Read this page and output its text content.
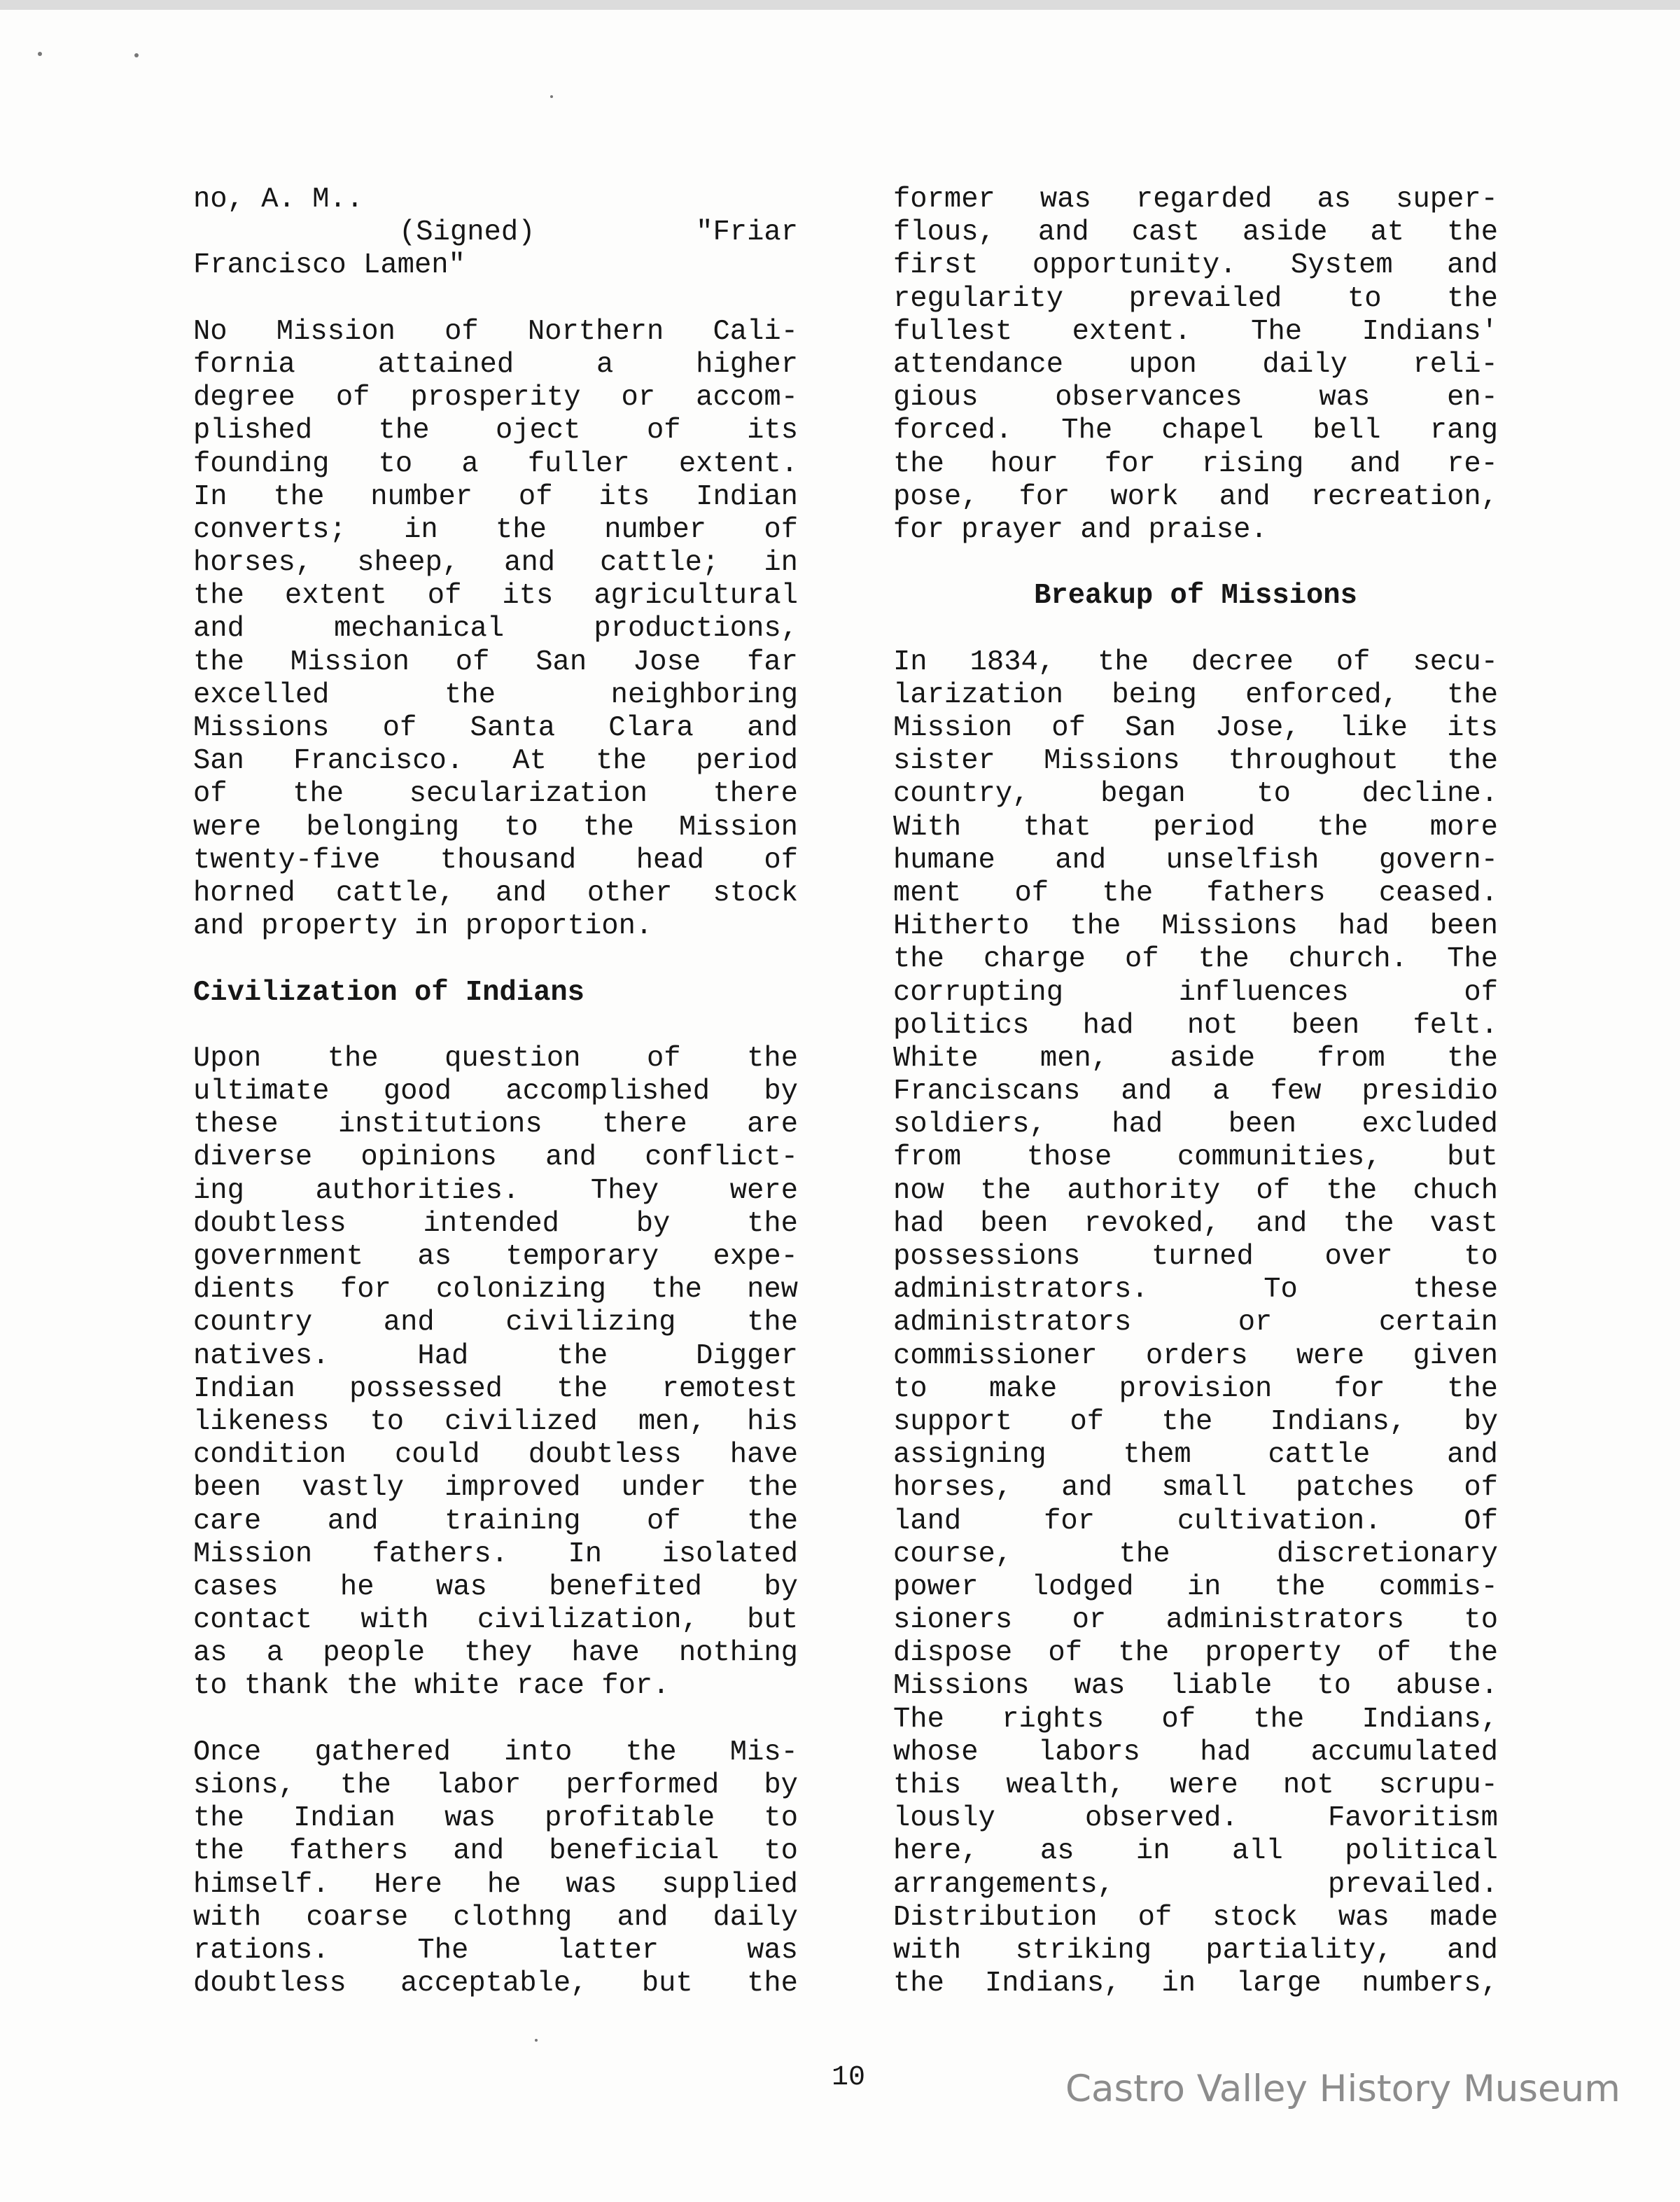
no, A. M..
(Signed) "Friar
Francisco Lamen"
No Mission of Northern Cali-
fornia attained a higher
degree of prosperity or accom-
plished the oject of its
founding to a fuller extent.
In the number of its Indian
converts; in the number of
horses, sheep, and cattle; in
the extent of its agricultural
and mechanical productions,
the Mission of San Jose far
excelled the neighboring
Missions of Santa Clara and
San Francisco. At the period
of the secularization there
were belonging to the Mission
twenty-five thousand head of
horned cattle, and other stock
and property in proportion.
Civilization of Indians
Upon the question of the
ultimate good accomplished by
these institutions there are
diverse opinions and conflict-
ing authorities. They were
doubtless intended by the
government as temporary expe-
dients for colonizing the new
country and civilizing the
natives. Had the Digger
Indian possessed the remotest
likeness to civilized men, his
condition could doubtless have
been vastly improved under the
care and training of the
Mission fathers. In isolated
cases he was benefited by
contact with civilization, but
as a people they have nothing
to thank the white race for.
Once gathered into the Mis-
sions, the labor performed by
the Indian was profitable to
the fathers and beneficial to
himself. Here he was supplied
with coarse clothng and daily
rations. The latter was
doubtless acceptable, but the
former was regarded as super-
flous, and cast aside at the
first opportunity. System and
regularity prevailed to the
fullest extent. The Indians'
attendance upon daily reli-
gious observances was en-
forced. The chapel bell rang
the hour for rising and re-
pose, for work and recreation,
for prayer and praise.
Breakup of Missions
In 1834, the decree of secu-
larization being enforced, the
Mission of San Jose, like its
sister Missions throughout the
country, began to decline.
With that period the more
humane and unselfish govern-
ment of the fathers ceased.
Hitherto the Missions had been
the charge of the church. The
corrupting influences of
politics had not been felt.
White men, aside from the
Franciscans and a few presidio
soldiers, had been excluded
from those communities, but
now the authority of the chuch
had been revoked, and the vast
possessions turned over to
administrators. To these
administrators or certain
commissioner orders were given
to make provision for the
support of the Indians, by
assigning them cattle and
horses, and small patches of
land for cultivation. Of
course, the discretionary
power lodged in the commis-
sioners or administrators to
dispose of the property of the
Missions was liable to abuse.
The rights of the Indians,
whose labors had accumulated
this wealth, were not scrupu-
lously observed. Favoritism
here, as in all political
arrangements, prevailed.
Distribution of stock was made
with striking partiality, and
the Indians, in large numbers,
10	Castro Valley History Museum
